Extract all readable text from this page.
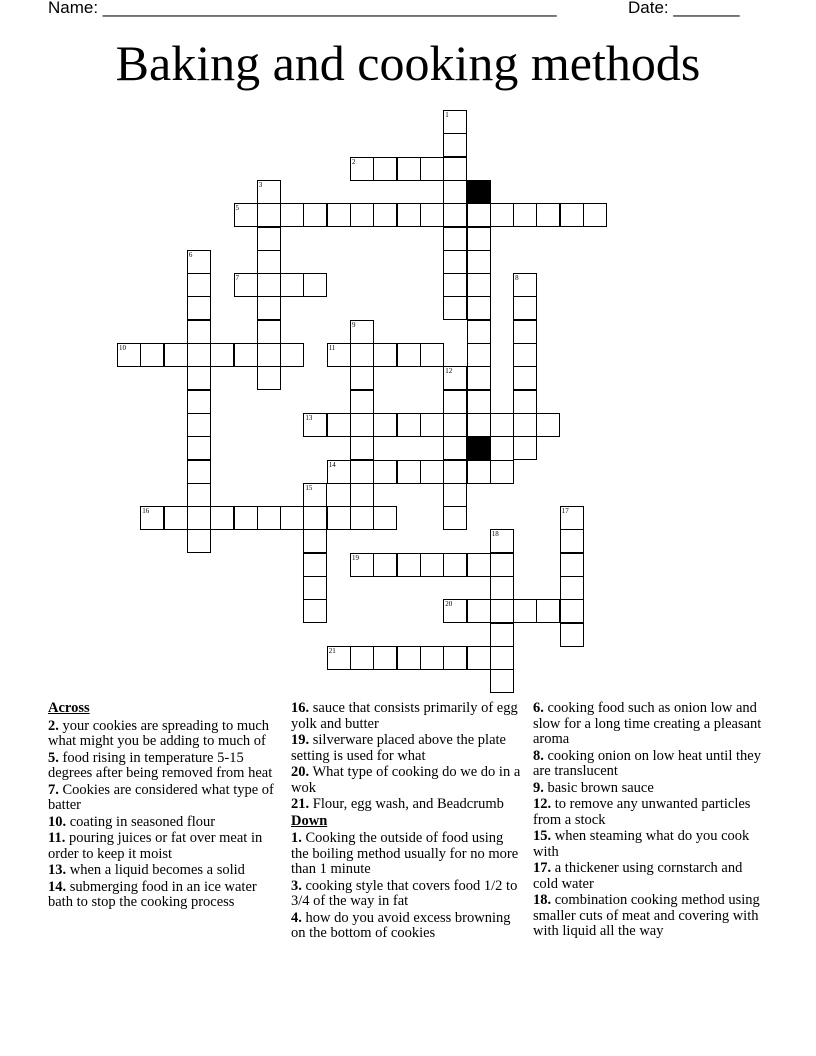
Name: ________________________________________________	Date: _______
Baking and cooking methods
1
2
3	4
5
6
7	8
9
10	11
12
13
14
15
16	17
18
19
20
21
Across
2. your cookies are spreading to much what might you be adding to much of
5. food rising in temperature 5-15 degrees after being removed from heat
7. Cookies are considered what type of batter
10. coating in seasoned flour
11. pouring juices or fat over meat in order to keep it moist
13. when a liquid becomes a solid
14. submerging food in an ice water bath to stop the cooking process
16. sauce that consists primarily of egg yolk and butter
19. silverware placed above the plate setting is used for what
20. What type of cooking do we do in a wok
21. Flour, egg wash, and Beadcrumb
Down
1. Cooking the outside of food using the boiling method usually for no more than 1 minute
3. cooking style that covers food 1/2 to 3/4 of the way in fat
4. how do you avoid excess browning on the bottom of cookies
6. cooking food such as onion low and slow for a long time creating a pleasant aroma
8. cooking onion on low heat until they are translucent
9. basic brown sauce
12. to remove any unwanted particles from a stock
15. when steaming what do you cook with
17. a thickener using cornstarch and cold water
18. combination cooking method using smaller cuts of meat and covering with with liquid all the way
